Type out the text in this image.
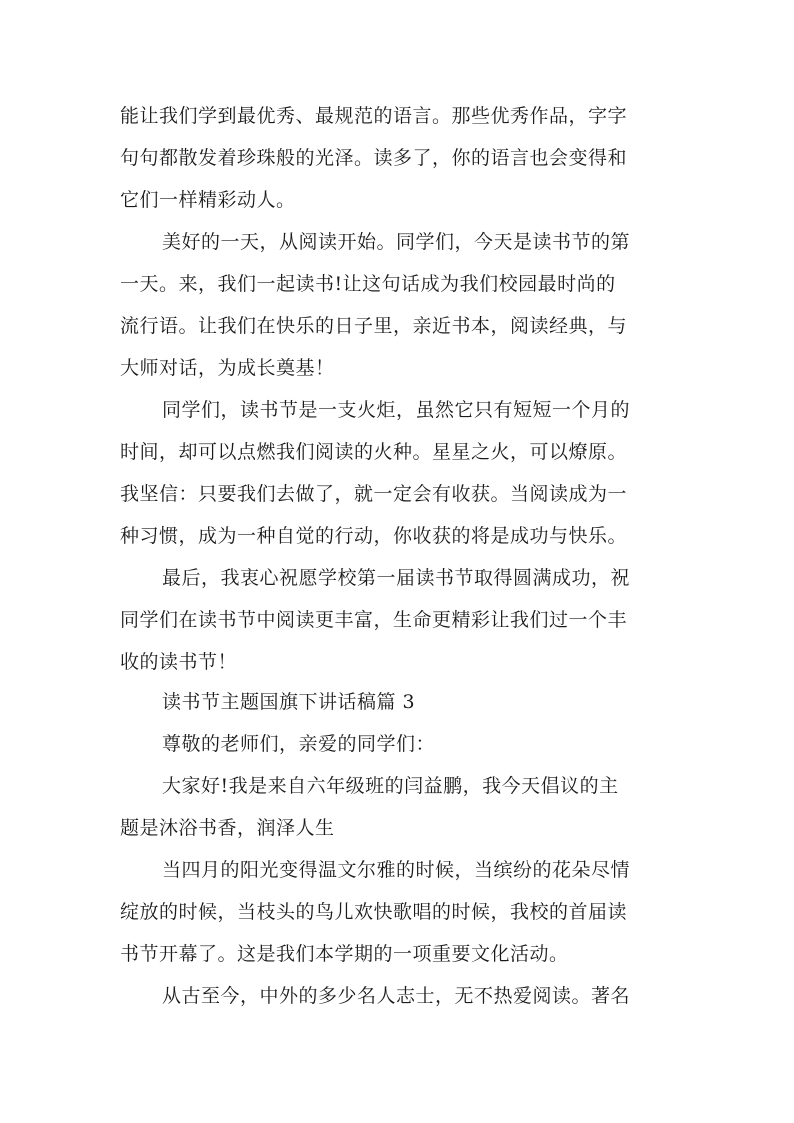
能让我们学到最优秀、最规范的语言。那些优秀作品，字字
句句都散发着珍珠般的光泽。读多了，你的语言也会变得和
它们一样精彩动人。
美好的一天，从阅读开始。同学们，今天是读书节的第
一天。来，我们一起读书!让这句话成为我们校园最时尚的
流行语。让我们在快乐的日子里，亲近书本，阅读经典，与
大师对话，为成长奠基！
同学们，读书节是一支火炬，虽然它只有短短一个月的
时间，却可以点燃我们阅读的火种。星星之火，可以燎原。
我坚信：只要我们去做了，就一定会有收获。当阅读成为一
种习惯，成为一种自觉的行动，你收获的将是成功与快乐。
最后，我衷心祝愿学校第一届读书节取得圆满成功，祝
同学们在读书节中阅读更丰富，生命更精彩让我们过一个丰
收的读书节！
读书节主题国旗下讲话稿篇 3
尊敬的老师们，亲爱的同学们：
大家好!我是来自六年级班的闫益鹏，我今天倡议的主
题是沐浴书香，润泽人生
当四月的阳光变得温文尔雅的时候，当缤纷的花朵尽情
绽放的时候，当枝头的鸟儿欢快歌唱的时候，我校的首届读
书节开幕了。这是我们本学期的一项重要文化活动。
从古至今，中外的多少名人志士，无不热爱阅读。著名
